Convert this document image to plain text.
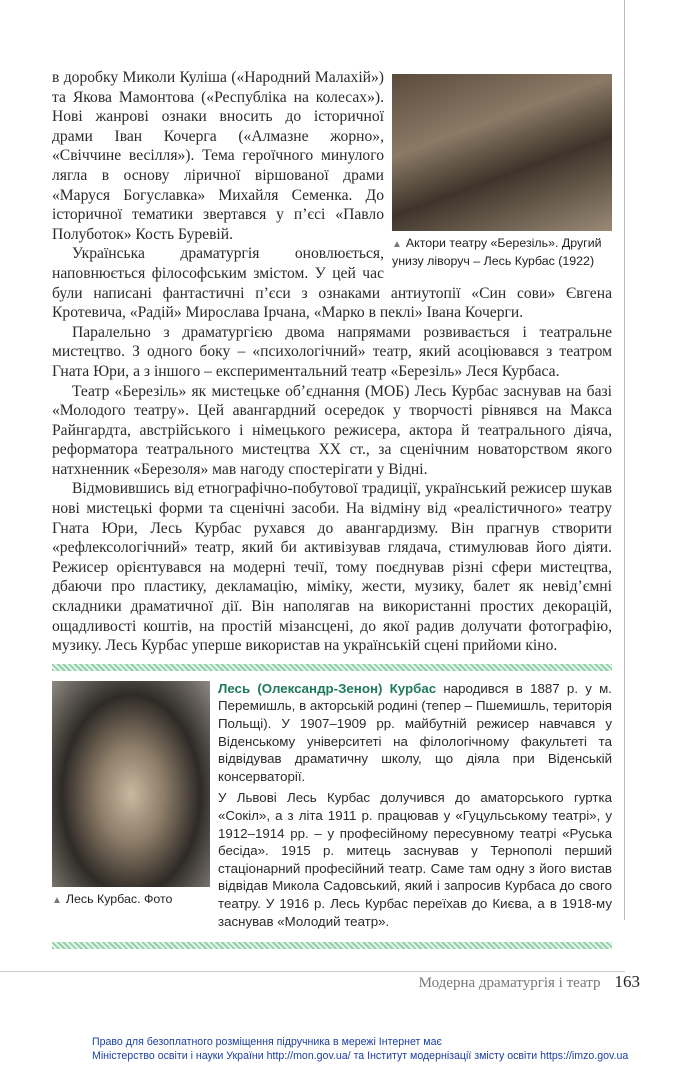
▲ Актори театру «Березіль». Другий унизу ліворуч – Лесь Курбас (1922)

в доробку Миколи Куліша («Народний Малахій») та Якова Мамонтова («Республіка на колесах»). Нові жанрові ознаки вносить до історичної драми Іван Кочерга («Алмазне жорно», «Свіччине весілля»). Тема героїчного минулого лягла в основу ліричної віршованої драми «Маруся Богуславка» Михайля Семенка. До історичної тематики звертався у п’єсі «Павло Полуботок» Кость Буревій.

Українська драматургія оновлюється, наповнюється філософським змістом. У цей час були написані фантастичні п’єси з ознаками антиутопії «Син сови» Євгена Кротевича, «Радій» Мирослава Ірчана, «Марко в пеклі» Івана Кочерги.

Паралельно з драматургією двома напрямами розвивається і театральне мистецтво. З одного боку – «психологічний» театр, який асоціювався з театром Гната Юри, а з іншого – експериментальний театр «Березіль» Леся Курбаса.

Театр «Березіль» як мистецьке об’єднання (МОБ) Лесь Курбас заснував на базі «Молодого театру». Цей авангардний осередок у творчості рівнявся на Макса Райнгардта, австрійського і німецького режисера, актора й театрального діяча, реформатора театрального мистецтва ХХ ст., за сценічним новаторством якого натхненник «Березоля» мав нагоду спостерігати у Відні.

Відмовившись від етнографічно-побутової традиції, український режисер шукав нові мистецькі форми та сценічні засоби. На відміну від «реалістичного» театру Гната Юри, Лесь Курбас рухався до авангардизму. Він прагнув створити «рефлексологічний» театр, який би активізував глядача, стимулював його діяти. Режисер орієнтувався на модерні течії, тому поєднував різні сфери мистецтва, дбаючи про пластику, декламацію, міміку, жести, музику, балет як невід’ємні складники драматичної дії. Він наполягав на використанні простих декорацій, ощадливості коштів, на простій мізансцені, до якої радив долучати фотографію, музику. Лесь Курбас уперше використав на українській сцені прийоми кіно.

▲ Лесь Курбас. Фото

Лесь (Олександр-Зенон) Курбас народився в 1887 р. у м. Перемишль, в акторській родині (тепер – Пшемишль, територія Польщі). У 1907–1909 рр. майбутній режисер навчався у Віденському університеті на філологічному факультеті та відвідував драматичну школу, що діяла при Віденській консерваторії.

У Львові Лесь Курбас долучився до аматорського гуртка «Сокіл», а з літа 1911 р. працював у «Гуцульському театрі», у 1912–1914 рр. – у професійному пересувному театрі «Руська бесіда». 1915 р. митець заснував у Тернополі перший стаціонарний професійний театр. Саме там одну з його вистав відвідав Микола Садовський, який і запросив Курбаса до свого театру. У 1916 р. Лесь Курбас переїхав до Києва, а в 1918-му заснував «Молодий театр».

Модерна драматургія і театр 163
Право для безоплатного розміщення підручника в мережі Інтернет має
Міністерство освіти і науки України http://mon.gov.ua/ та Інститут модернізації змісту освіти https://imzo.gov.ua
